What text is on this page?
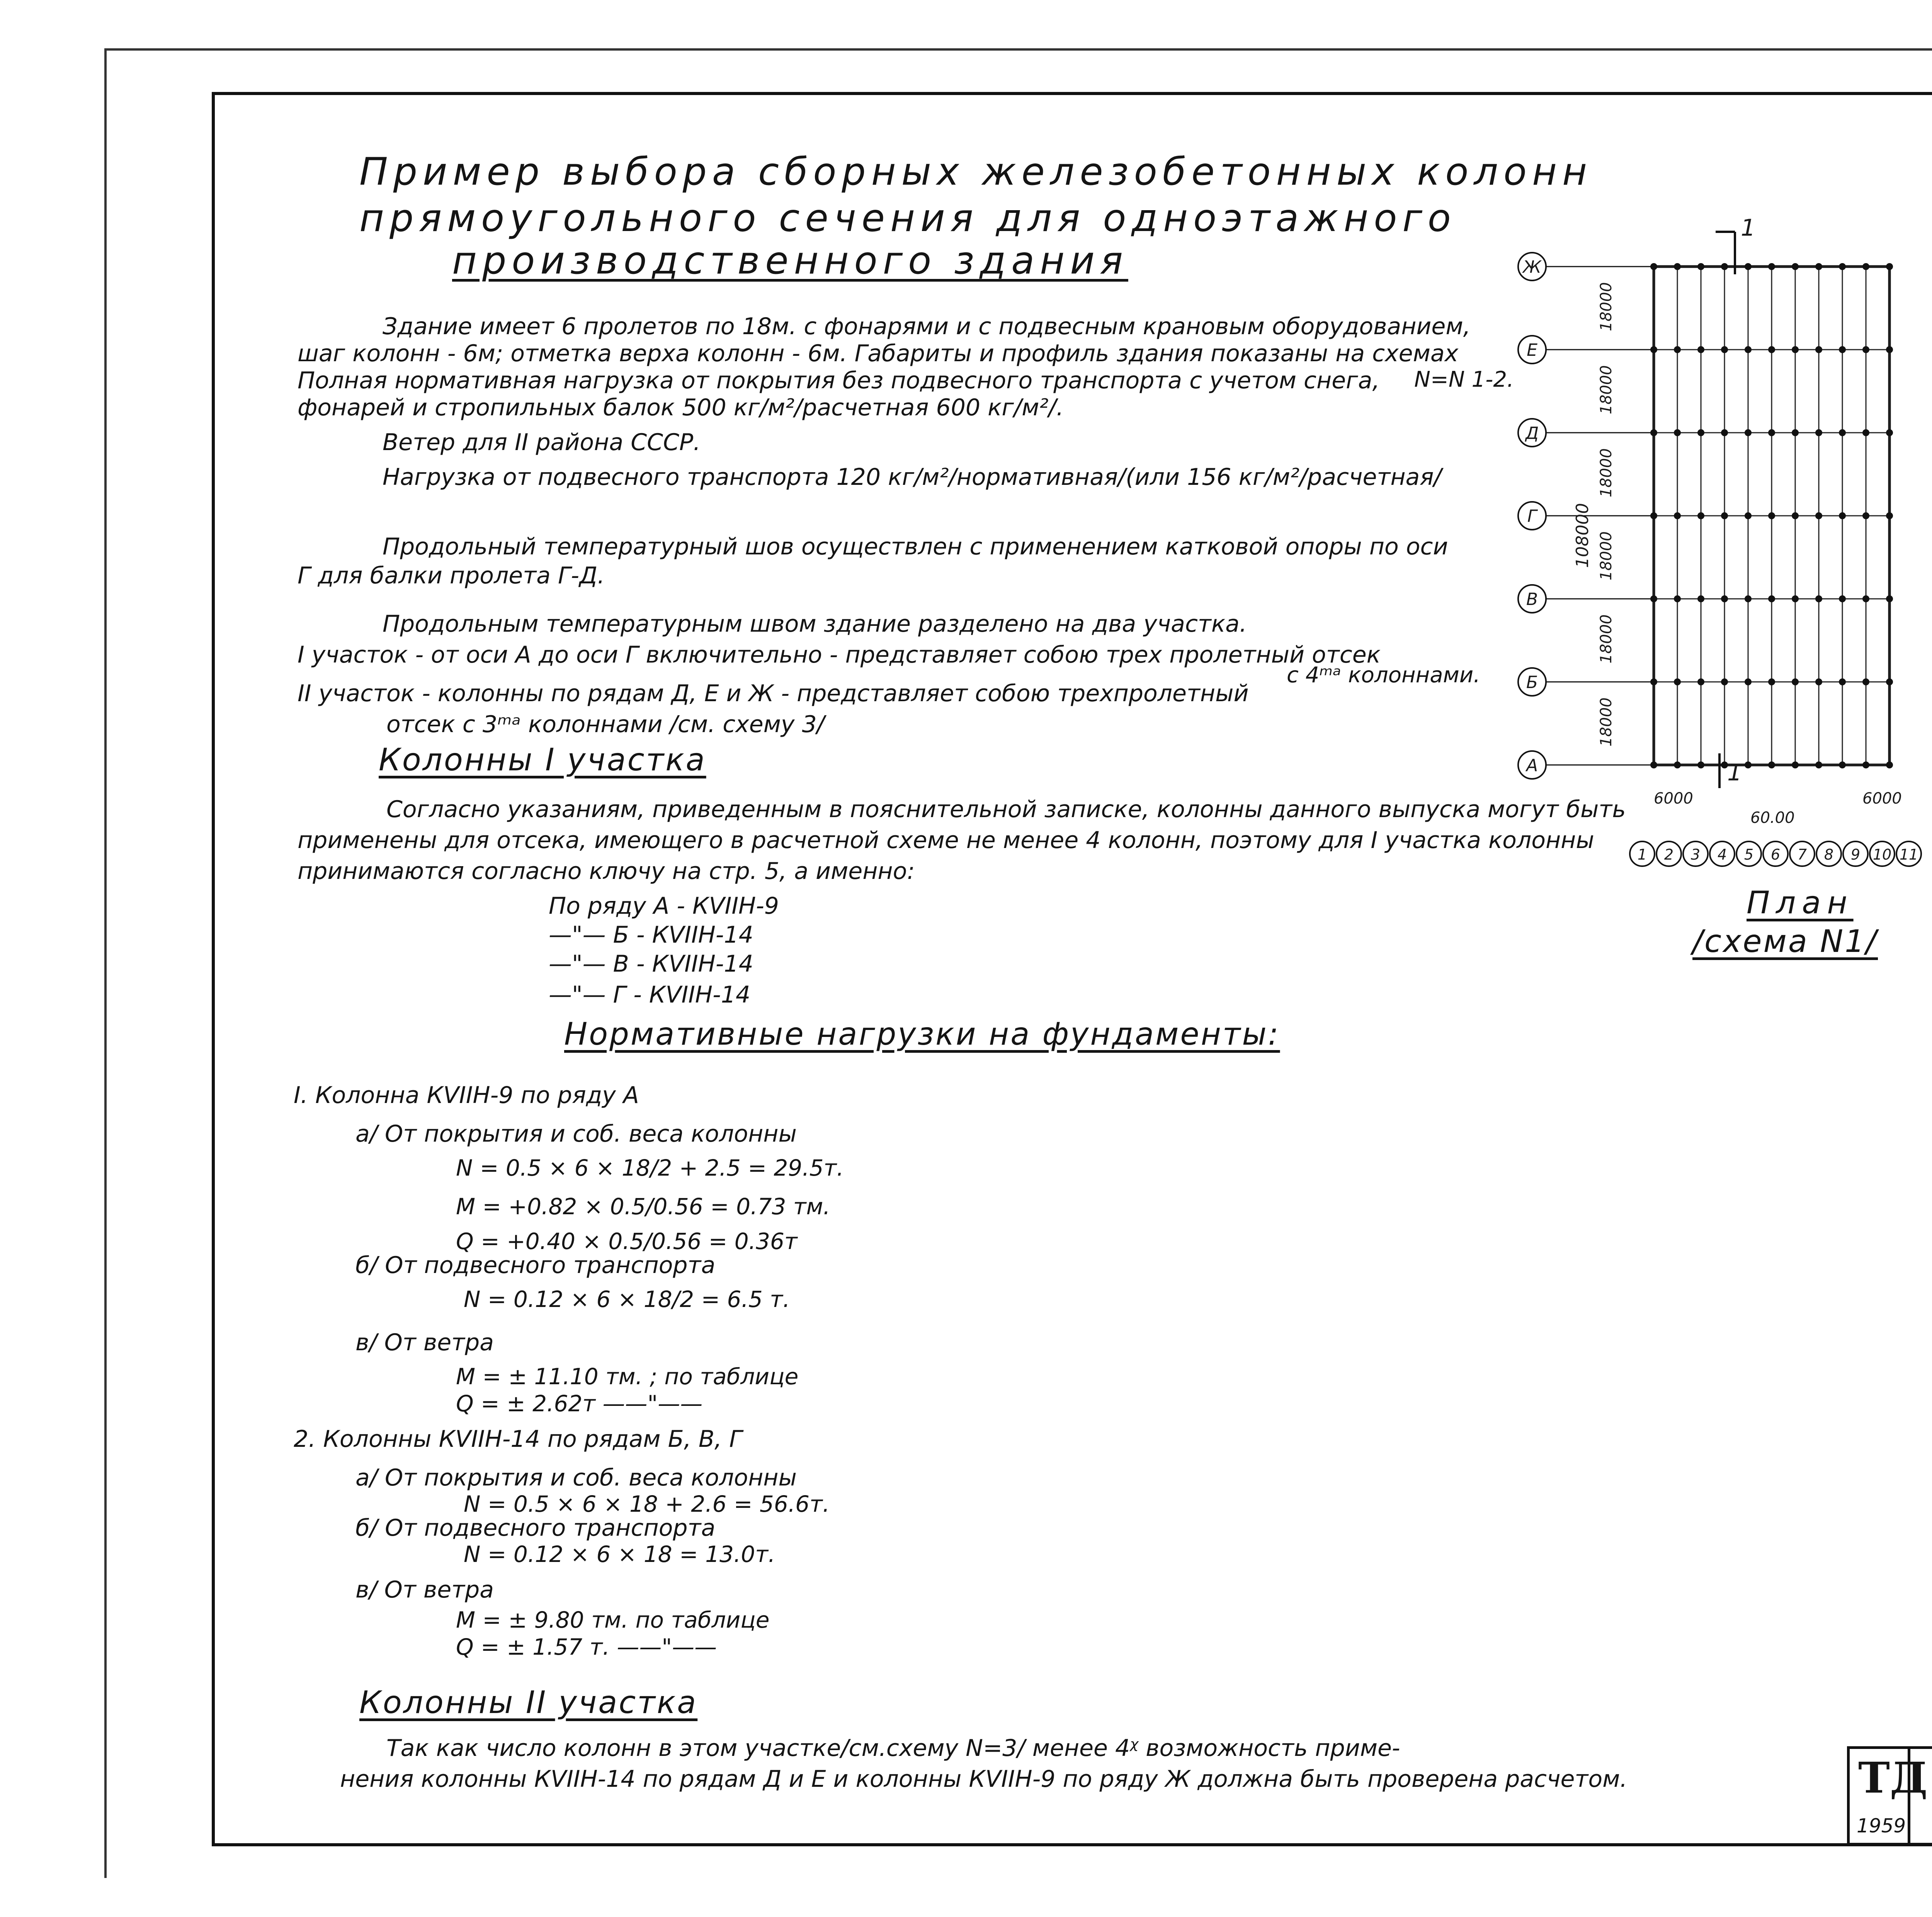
Пример выбора сборных железобетонных колонн
прямоугольного сечения для одноэтажного
производственного здания
Здание имеет 6 пролетов по 18м. с фонарями и с подвесным крановым оборудованием,
шаг колонн - 6м; отметка верха колонн - 6м. Габариты и профиль здания показаны на схемах
N=N 1-2.
Полная нормативная нагрузка от покрытия без подвесного транспорта с учетом снега,
фонарей и стропильных балок 500 кг/м²/расчетная 600 кг/м²/.
Ветер для II района СССР.
Нагрузка от подвесного транспорта 120 кг/м²/нормативная/(или 156 кг/м²/расчетная/
Продольный температурный шов осуществлен с применением катковой опоры по оси
Г для балки пролета Г-Д.
Продольным температурным швом здание разделено на два участка.
I участок - от оси А до оси Г включительно - представляет собою трех пролетный отсек
с 4ᵐᵃ колоннами.
II участок - колонны по рядам Д, Е и Ж - представляет собою трехпролетный
отсек с 3ᵐᵃ колоннами /см. схему 3/
Колонны I участка
Согласно указаниям, приведенным в пояснительной записке, колонны данного выпуска могут быть
применены для отсека, имеющего в расчетной схеме не менее 4 колонн, поэтому для I участка колонны
принимаются согласно ключу на стр. 5, а именно:
По ряду А - КVIIН-9
—"— Б - КVIIН-14
—"— В - КVIIН-14
—"— Г - КVIIН-14
Нормативные нагрузки на фундаменты:
I. Колонна КVIIН-9 по ряду А
а/ От покрытия и соб. веса колонны
N = 0.5 × 6 × 18/2 + 2.5 = 29.5т.
M = +0.82 × 0.5/0.56 = 0.73 тм.
Q = +0.40 × 0.5/0.56 = 0.36т
б/ От подвесного транспорта
N = 0.12 × 6 × 18/2 = 6.5 т.
в/ От ветра
M = ± 11.10 тм. ; по таблице
Q = ± 2.62т ——"——
2. Колонны КVIIН-14 по рядам Б, В, Г
а/ От покрытия и соб. веса колонны
N = 0.5 × 6 × 18 + 2.6 = 56.6т.
б/ От подвесного транспорта
N = 0.12 × 6 × 18 = 13.0т.
в/ От ветра
M = ± 9.80 тм. по таблице
Q = ± 1.57 т. ——"——
Колонны II участка
Так как число колонн в этом участке/см.схему N=3/ менее 4ᵡ возможность приме-
нения колонны КVIIН-14 по рядам Д и Е и колонны КVIIН-9 по ряду Ж должна быть проверена расчетом.
1
1
Ж
Е
Д
Г
В
Б
А
18000
18000
18000
18000
18000
18000
1 2 3 4 5 6 7 8 9 10 11
6000
60.00
6000
108000
План
/схема N1/
ТД
1959
